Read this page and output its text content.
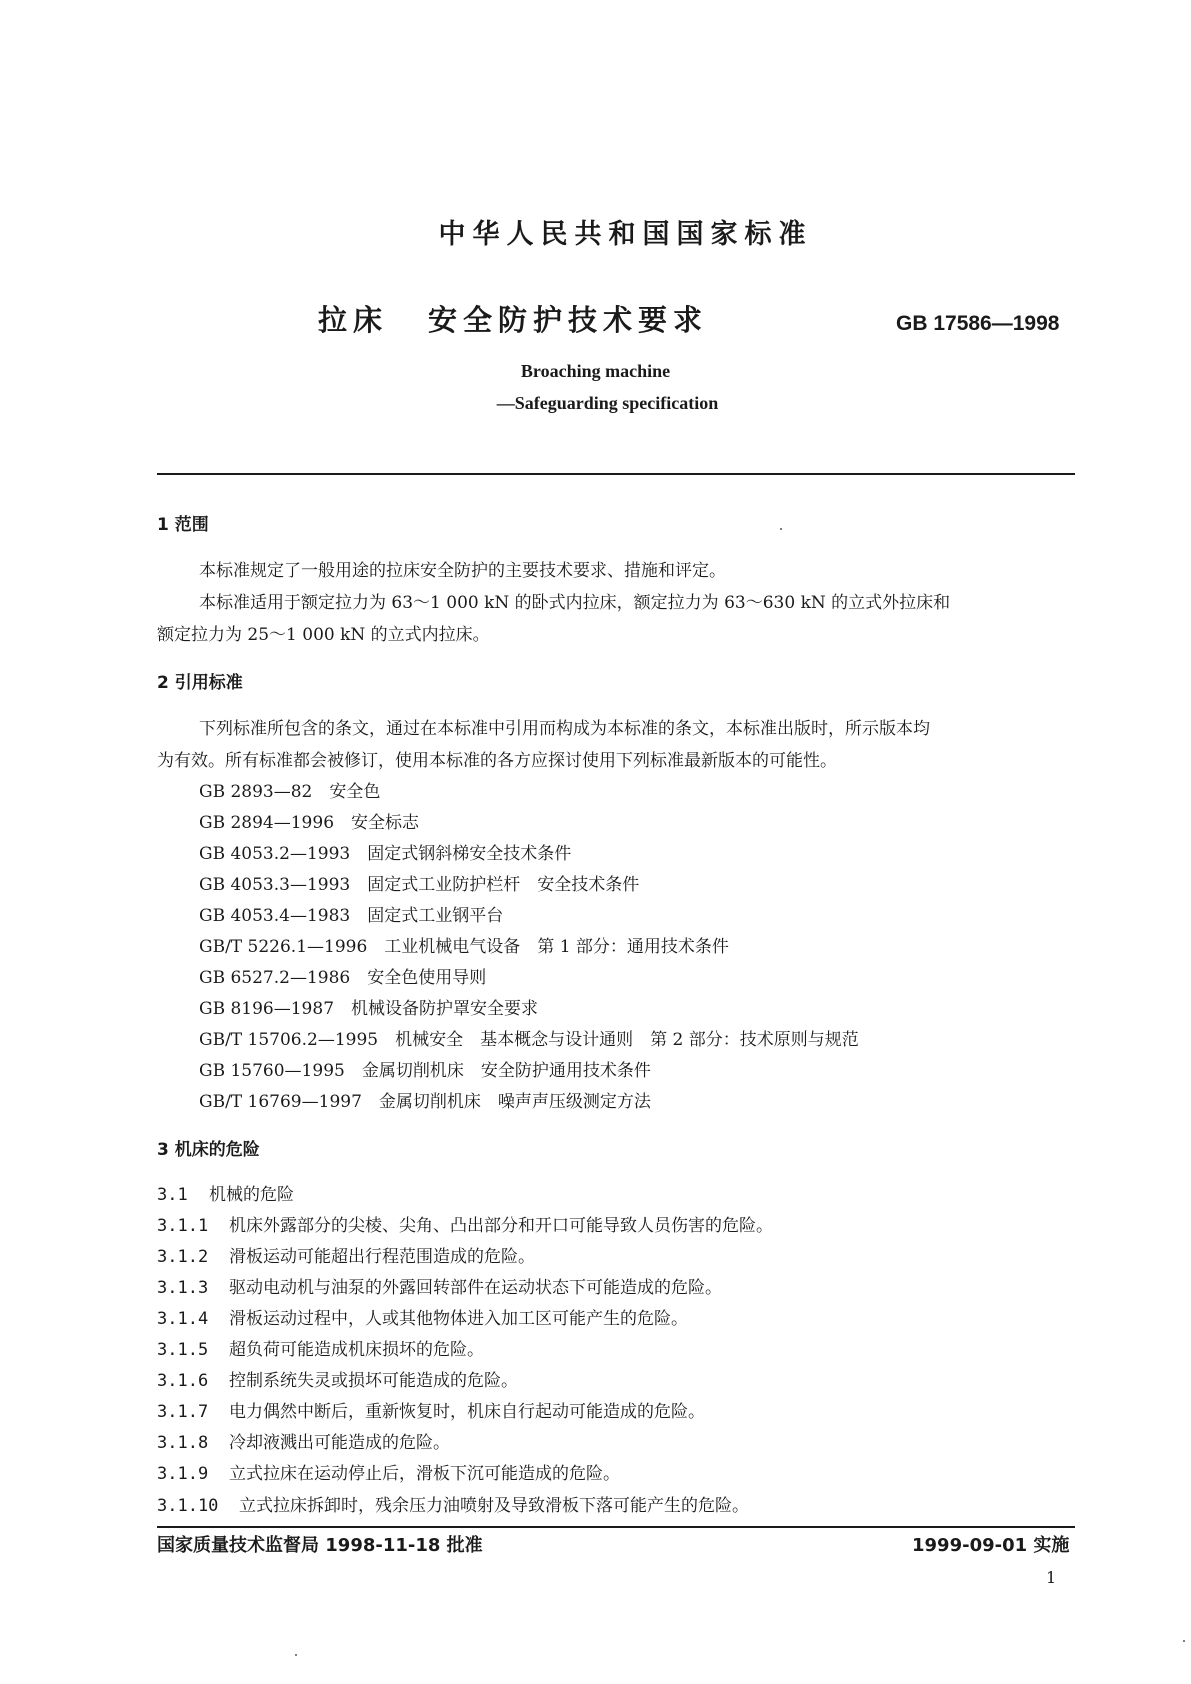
中华人民共和国国家标准
拉床 安全防护技术要求	GB 17586—1998
Broaching machine
—Safeguarding specification
1 范围
本标准规定了一般用途的拉床安全防护的主要技术要求、措施和评定。
本标准适用于额定拉力为 63～1 000 kN 的卧式内拉床，额定拉力为 63～630 kN 的立式外拉床和
额定拉力为 25～1 000 kN 的立式内拉床。
2 引用标准
下列标准所包含的条文，通过在本标准中引用而构成为本标准的条文，本标准出版时，所示版本均
为有效。所有标准都会被修订，使用本标准的各方应探讨使用下列标准最新版本的可能性。
GB 2893—82　安全色
GB 2894—1996　安全标志
GB 4053.2—1993　固定式钢斜梯安全技术条件
GB 4053.3—1993　固定式工业防护栏杆　安全技术条件
GB 4053.4—1983　固定式工业钢平台
GB/T 5226.1—1996　工业机械电气设备　第 1 部分：通用技术条件
GB 6527.2—1986　安全色使用导则
GB 8196—1987　机械设备防护罩安全要求
GB/T 15706.2—1995　机械安全　基本概念与设计通则　第 2 部分：技术原则与规范
GB 15760—1995　金属切削机床　安全防护通用技术条件
GB/T 16769—1997　金属切削机床　噪声声压级测定方法
3 机床的危险
3.1 机械的危险
3.1.1 机床外露部分的尖棱、尖角、凸出部分和开口可能导致人员伤害的危险。
3.1.2 滑板运动可能超出行程范围造成的危险。
3.1.3 驱动电动机与油泵的外露回转部件在运动状态下可能造成的危险。
3.1.4 滑板运动过程中，人或其他物体进入加工区可能产生的危险。
3.1.5 超负荷可能造成机床损坏的危险。
3.1.6 控制系统失灵或损坏可能造成的危险。
3.1.7 电力偶然中断后，重新恢复时，机床自行起动可能造成的危险。
3.1.8 冷却液溅出可能造成的危险。
3.1.9 立式拉床在运动停止后，滑板下沉可能造成的危险。
3.1.10 立式拉床拆卸时，残余压力油喷射及导致滑板下落可能产生的危险。
国家质量技术监督局 1998-11-18 批准	1999-09-01 实施
1
